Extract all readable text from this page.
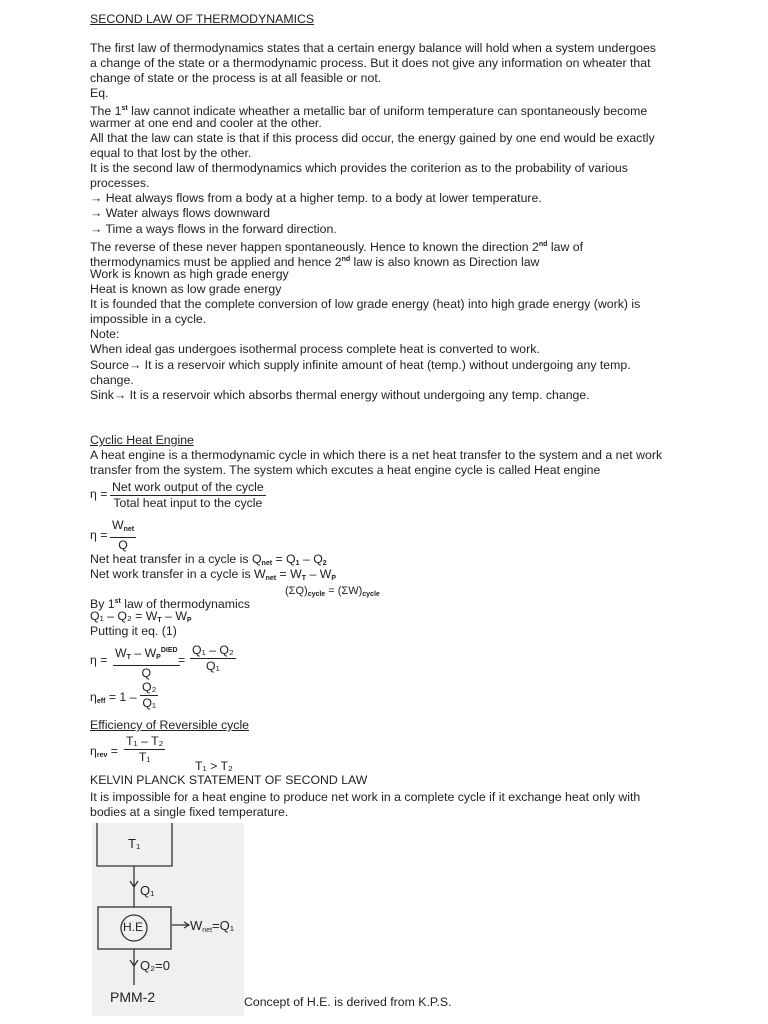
SECOND LAW OF THERMODYNAMICS
The first law of thermodynamics states that a certain energy balance will hold when a system undergoes
a change of the state or a thermodynamic process. But it does not give any information on wheater that
change of state or the process is at all feasible or not.
Eq.
The 1st law cannot indicate wheather a metallic bar of uniform temperature can spontaneously become
warmer at one end and cooler at the other.
All that the law can state is that if this process did occur, the energy gained by one end would be exactly
equal to that lost by the other.
It is the second law of thermodynamics which provides the coriterion as to the probability of various
processes.
→ Heat always flows from a body at a higher temp. to a body at lower temperature.
→ Water always flows downward
→ Time a ways flows in the forward direction.
The reverse of these never happen spontaneously. Hence to known the direction 2nd law of
thermodynamics must be applied and hence 2nd law is also known as Direction law
Work is known as high grade energy
Heat is known as low grade energy
It is founded that the complete conversion of low grade energy (heat) into high grade energy (work) is
impossible in a cycle.
Note:
When ideal gas undergoes isothermal process complete heat is converted to work.
Source→ It is a reservoir which supply infinite amount of heat (temp.) without undergoing any temp.
change.
Sink→ It is a reservoir which absorbs thermal energy without undergoing any temp. change.
Cyclic Heat Engine
A heat engine is a thermodynamic cycle in which there is a net heat transfer to the system and a net work
transfer from the system. The system which excutes a heat engine cycle is called Heat engine
η = Net work output of the cycle
Total heat input to the cycle
η =
$W_{net}$
Q
Net heat transfer in a cycle is $Q_{net} = Q_1 - Q_2$
Net work transfer in a cycle is $W_{net} = W_T - W_P$
By 1st law of thermodynamics
$(\Sigma Q)_{cycle} = (\Sigma W)_{cycle}$
$Q_1 - Q_2 = W_T - W_P$
Putting it eq. (1)
$\eta = W_T - W_P^{DIED}$
Q
= $\frac{\text{Q₁ – Q₂}}{\text{Q₁}}$
$\eta_{eff} = 1 - \frac{\text{Q₂}}{\text{Q₁}}$
Efficiency of Reversible cycle
$\eta_{rev} = \frac{\text{T₁ – T₂}}{\text{T₁}}$
T₁ > T₂
KELVIN PLANCK STATEMENT OF SECOND LAW
It is impossible for a heat engine to produce net work in a complete cycle if it exchange heat only with
bodies at a single fixed temperature.
T₁
Q₁
H.E	$W_{net}=Q_1$
Q₂=0
PMM-2	Concept of H.E. is derived from K.P.S.
